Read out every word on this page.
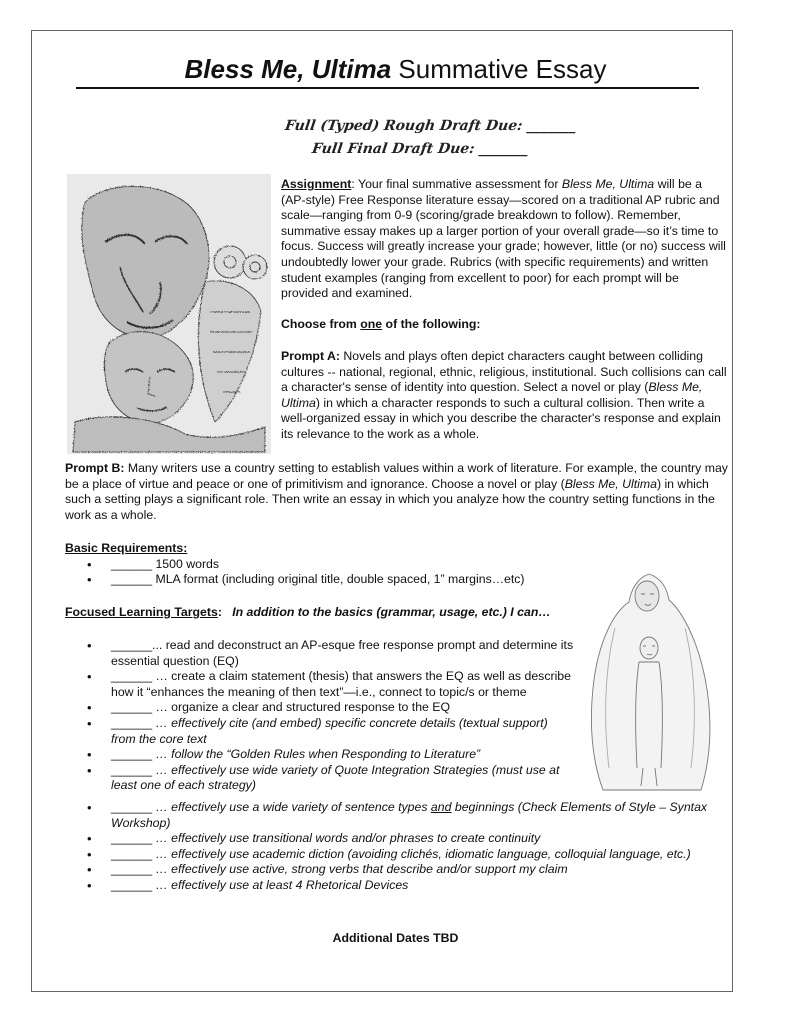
Bless Me, Ultima Summative Essay
Full (Typed) Rough Draft Due: _______
Full Final Draft Due: _______

Assignment: Your final summative assessment for Bless Me, Ultima will be a (AP-style) Free Response literature essay—scored on a traditional AP rubric and scale—ranging from 0-9 (scoring/grade breakdown to follow). Remember, summative essay makes up a larger portion of your overall grade—so it’s time to focus. Success will greatly increase your grade; however, little (or no) success will undoubtedly lower your grade. Rubrics (with specific requirements) and written student examples (ranging from excellent to poor) for each prompt will be provided and examined.

Choose from one of the following:

Prompt A: Novels and plays often depict characters caught between colliding cultures -- national, regional, ethnic, religious, institutional. Such collisions can call a character's sense of identity into question. Select a novel or play (Bless Me, Ultima) in which a character responds to such a cultural collision. Then write a well-organized essay in which you describe the character's response and explain its relevance to the work as a whole.

Prompt B: Many writers use a country setting to establish values within a work of literature. For example, the country may be a place of virtue and peace or one of primitivism and ignorance. Choose a novel or play (Bless Me, Ultima) in which such a setting plays a significant role. Then write an essay in which you analyze how the country setting functions in the work as a whole.

Basic Requirements:

• ______ 1500 words
• ______ MLA format (including original title, double spaced, 1” margins…etc)

Focused Learning Targets: In addition to the basics (grammar, usage, etc.) I can…

• ______... read and deconstruct an AP-esque free response prompt and determine its essential question (EQ)
• ______ … create a claim statement (thesis) that answers the EQ as well as describe how it “enhances the meaning of then text”—i.e., connect to topic/s or theme
• ______ … organize a clear and structured response to the EQ
• ______ … effectively cite (and embed) specific concrete details (textual support) from the core text
• ______ … follow the “Golden Rules when Responding to Literature”
• ______ … effectively use wide variety of Quote Integration Strategies (must use at least one of each strategy)
• ______ … effectively use a wide variety of sentence types and beginnings (Check Elements of Style – Syntax Workshop)
• ______ … effectively use transitional words and/or phrases to create continuity
• ______ … effectively use academic diction (avoiding clichés, idiomatic language, colloquial language, etc.)
• ______ … effectively use active, strong verbs that describe and/or support my claim
• ______ … effectively use at least 4 Rhetorical Devices
Additional Dates TBD
